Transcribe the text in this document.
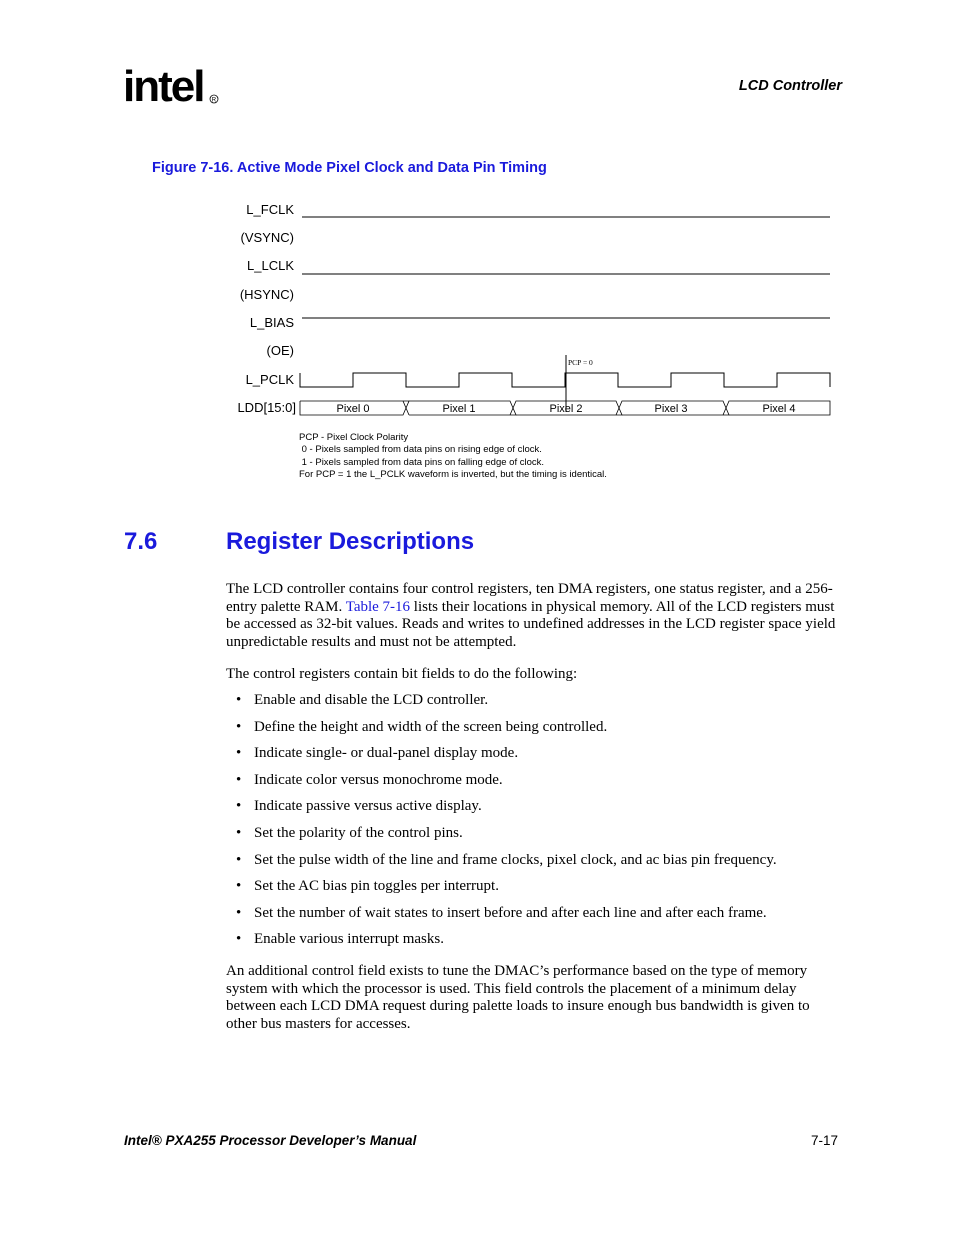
intel R
LCD Controller
Figure 7-16. Active Mode Pixel Clock and Data Pin Timing
L_FCLK
(VSYNC)
L_LCLK
(HSYNC)
L_BIAS
(OE)
L_PCLK
LDD[15:0]
PCP = 0
Pixel 0	Pixel 1	Pixel 2	Pixel 3	Pixel 4
PCP - Pixel Clock Polarity
0 - Pixels sampled from data pins on rising edge of clock.
1 - Pixels sampled from data pins on falling edge of clock.
For PCP = 1 the L_PCLK waveform is inverted, but the timing is identical.
7.6	Register Descriptions
The LCD controller contains four control registers, ten DMA registers, one status register, and a 256-entry palette RAM. Table 7-16 lists their locations in physical memory. All of the LCD registers must be accessed as 32-bit values. Reads and writes to undefined addresses in the LCD register space yield unpredictable results and must not be attempted.
The control registers contain bit fields to do the following:
• Enable and disable the LCD controller.
• Define the height and width of the screen being controlled.
• Indicate single- or dual-panel display mode.
• Indicate color versus monochrome mode.
• Indicate passive versus active display.
• Set the polarity of the control pins.
• Set the pulse width of the line and frame clocks, pixel clock, and ac bias pin frequency.
• Set the AC bias pin toggles per interrupt.
• Set the number of wait states to insert before and after each line and after each frame.
• Enable various interrupt masks.
An additional control field exists to tune the DMAC’s performance based on the type of memory system with which the processor is used. This field controls the placement of a minimum delay between each LCD DMA request during palette loads to insure enough bus bandwidth is given to other bus masters for accesses.
Intel® PXA255 Processor Developer’s Manual	7-17
